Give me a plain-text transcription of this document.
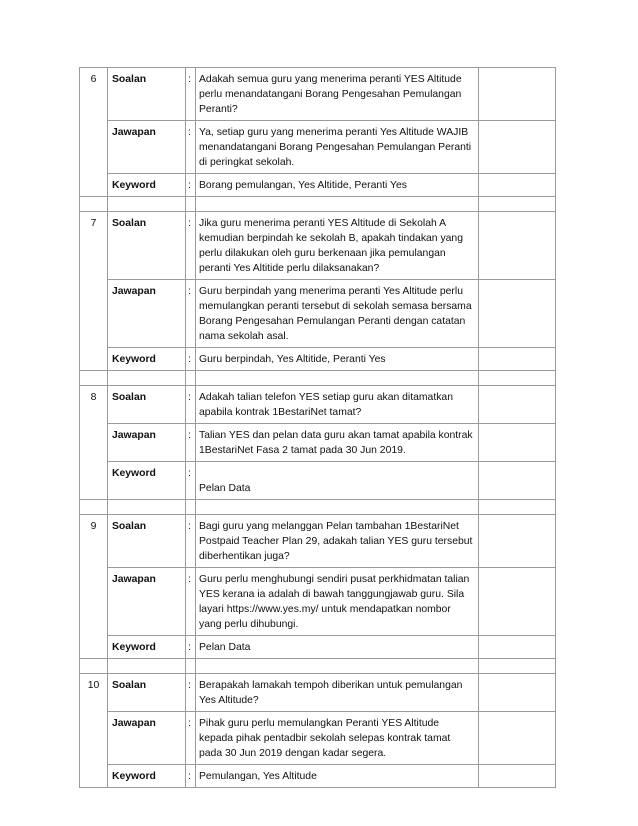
6	Soalan	:	Adakah semua guru yang menerima peranti YES Altitude perlu menandatangani Borang Pengesahan Pemulangan Peranti?	
	Jawapan	:	Ya, setiap guru yang menerima peranti Yes Altitude WAJIB menandatangani Borang Pengesahan Pemulangan Peranti di peringkat sekolah.	
	Keyword	:	Borang pemulangan, Yes Altitide, Peranti Yes	

7	Soalan	:	Jika guru menerima peranti YES Altitude di Sekolah A kemudian berpindah ke sekolah B, apakah tindakan yang perlu dilakukan oleh guru berkenaan jika pemulangan peranti Yes Altitide perlu dilaksanakan?	
	Jawapan	:	Guru berpindah yang menerima peranti Yes Altitude perlu memulangkan peranti tersebut di sekolah semasa bersama Borang Pengesahan Pemulangan Peranti dengan catatan nama sekolah asal.	
	Keyword	:	Guru berpindah, Yes Altitide, Peranti Yes	

8	Soalan	:	Adakah talian telefon YES setiap guru akan ditamatkan apabila kontrak 1BestariNet tamat?	
	Jawapan	:	Talian YES dan pelan data guru akan tamat apabila kontrak 1BestariNet Fasa 2 tamat pada 30 Jun 2019.	
	Keyword	:	Pelan Data	

9	Soalan	:	Bagi guru yang melanggan Pelan tambahan 1BestariNet Postpaid Teacher Plan 29, adakah talian YES guru tersebut diberhentikan juga?	
	Jawapan	:	Guru perlu menghubungi sendiri pusat perkhidmatan talian YES kerana ia adalah di bawah tanggungjawab guru. Sila layari https://www.yes.my/ untuk mendapatkan nombor yang perlu dihubungi.	
	Keyword	:	Pelan Data	

10	Soalan	:	Berapakah lamakah tempoh diberikan untuk pemulangan Yes Altitude?	
	Jawapan	:	Pihak guru perlu memulangkan Peranti YES Altitude kepada pihak pentadbir sekolah selepas kontrak tamat pada 30 Jun 2019 dengan kadar segera.	
	Keyword	:	Pemulangan, Yes Altitude	
